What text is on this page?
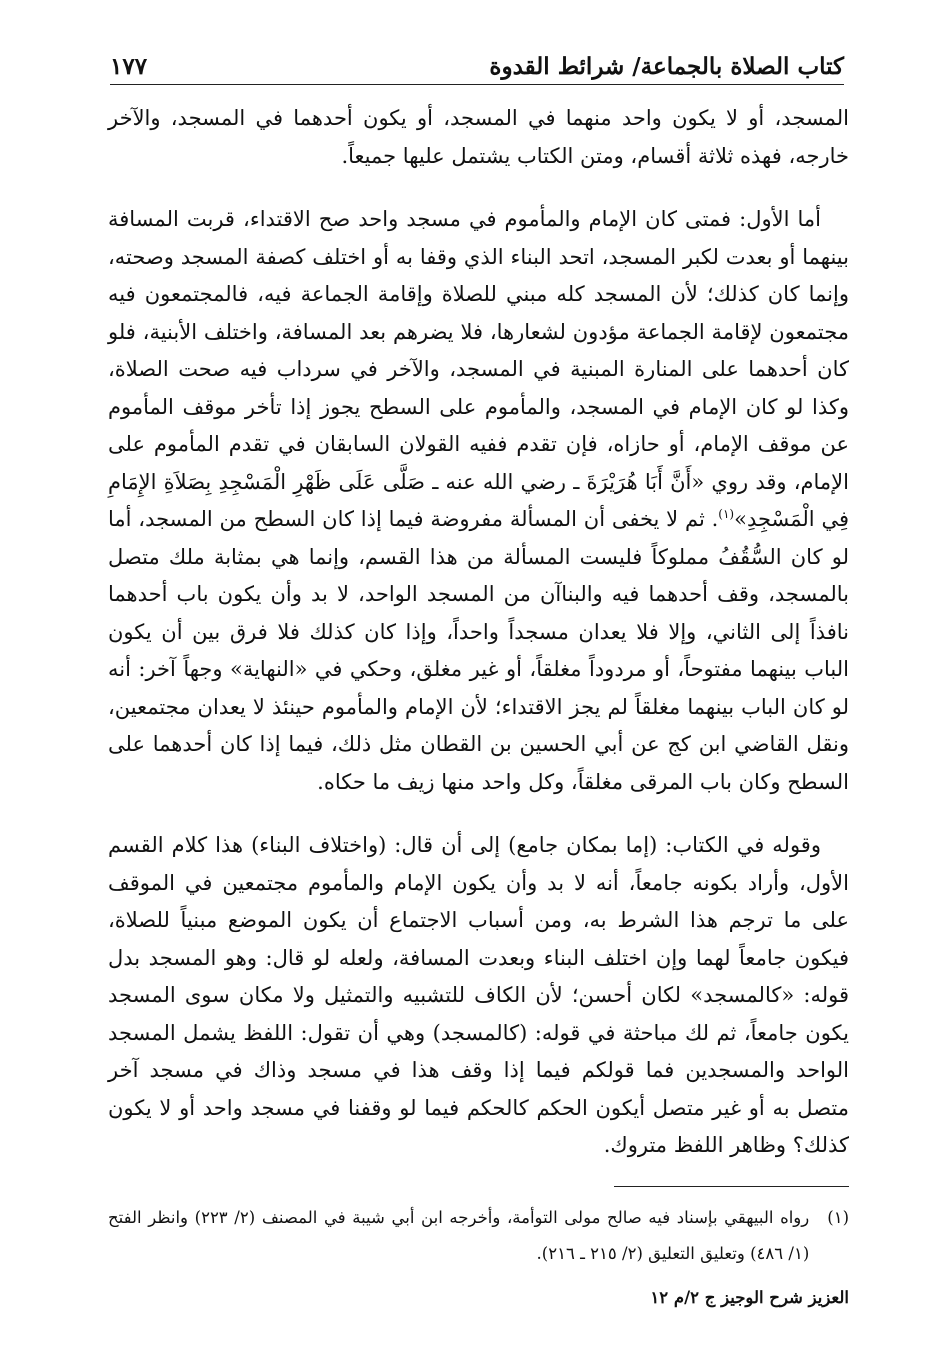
كتاب الصلاة بالجماعة/ شرائط القدوة
١٧٧

المسجد، أو لا يكون واحد منهما في المسجد، أو يكون أحدهما في المسجد، والآخر خارجه، فهذه ثلاثة أقسام، ومتن الكتاب يشتمل عليها جميعاً.

أما الأول: فمتى كان الإمام والمأموم في مسجد واحد صح الاقتداء، قربت المسافة بينهما أو بعدت لكبر المسجد، اتحد البناء الذي وقفا به أو اختلف كصفة المسجد وصحته، وإنما كان كذلك؛ لأن المسجد كله مبني للصلاة وإقامة الجماعة فيه، فالمجتمعون فيه مجتمعون لإقامة الجماعة مؤدون لشعارها، فلا يضرهم بعد المسافة، واختلف الأبنية، فلو كان أحدهما على المنارة المبنية في المسجد، والآخر في سرداب فيه صحت الصلاة، وكذا لو كان الإمام في المسجد، والمأموم على السطح يجوز إذا تأخر موقف المأموم عن موقف الإمام، أو حازاه، فإن تقدم ففيه القولان السابقان في تقدم المأموم على الإمام، وقد روي «أَنَّ أَبَا هُرَيْرَةَ ـ رضي الله عنه ـ صَلَّى عَلَى ظَهْرِ الْمَسْجِدِ بِصَلاَةِ الإِمَامِ فِي الْمَسْجِدِ»$^{(١)}$. ثم لا يخفى أن المسألة مفروضة فيما إذا كان السطح من المسجد، أما لو كان السُّقُفُ مملوكاً فليست المسألة من هذا القسم، وإنما هي بمثابة ملك متصل بالمسجد، وقف أحدهما فيه والبناآن من المسجد الواحد، لا بد وأن يكون باب أحدهما نافذاً إلى الثاني، وإلا فلا يعدان مسجداً واحداً، وإذا كان كذلك فلا فرق بين أن يكون الباب بينهما مفتوحاً، أو مردوداً مغلقاً، أو غير مغلق، وحكي في «النهاية» وجهاً آخر: أنه لو كان الباب بينهما مغلقاً لم يجز الاقتداء؛ لأن الإمام والمأموم حينئذ لا يعدان مجتمعين، ونقل القاضي ابن كج عن أبي الحسين بن القطان مثل ذلك، فيما إذا كان أحدهما على السطح وكان باب المرقى مغلقاً، وكل واحد منها زيف ما حكاه.

وقوله في الكتاب: (إما بمكان جامع) إلى أن قال: (واختلاف البناء) هذا كلام القسم الأول، وأراد بكونه جامعاً، أنه لا بد وأن يكون الإمام والمأموم مجتمعين في الموقف على ما ترجم هذا الشرط به، ومن أسباب الاجتماع أن يكون الموضع مبنياً للصلاة، فيكون جامعاً لهما وإن اختلف البناء وبعدت المسافة، ولعله لو قال: وهو المسجد بدل قوله: «كالمسجد» لكان أحسن؛ لأن الكاف للتشبيه والتمثيل ولا مكان سوى المسجد يكون جامعاً، ثم لك مباحثة في قوله: (كالمسجد) وهي أن تقول: اللفظ يشمل المسجد الواحد والمسجدين فما قولكم فيما إذا وقف هذا في مسجد وذاك في مسجد آخر متصل به أو غير متصل أيكون الحكم كالحكم فيما لو وقفنا في مسجد واحد أو لا يكون كذلك؟ وظاهر اللفظ متروك.

(١)
رواه البيهقي بإسناد فيه صالح مولى التوأمة، وأخرجه ابن أبي شيبة في المصنف (٢/ ٢٢٣) وانظر الفتح (١/ ٤٨٦) وتعليق التعليق (٢/ ٢١٥ ـ ٢١٦).
العزيز شرح الوجيز ج ٢/م ١٢
